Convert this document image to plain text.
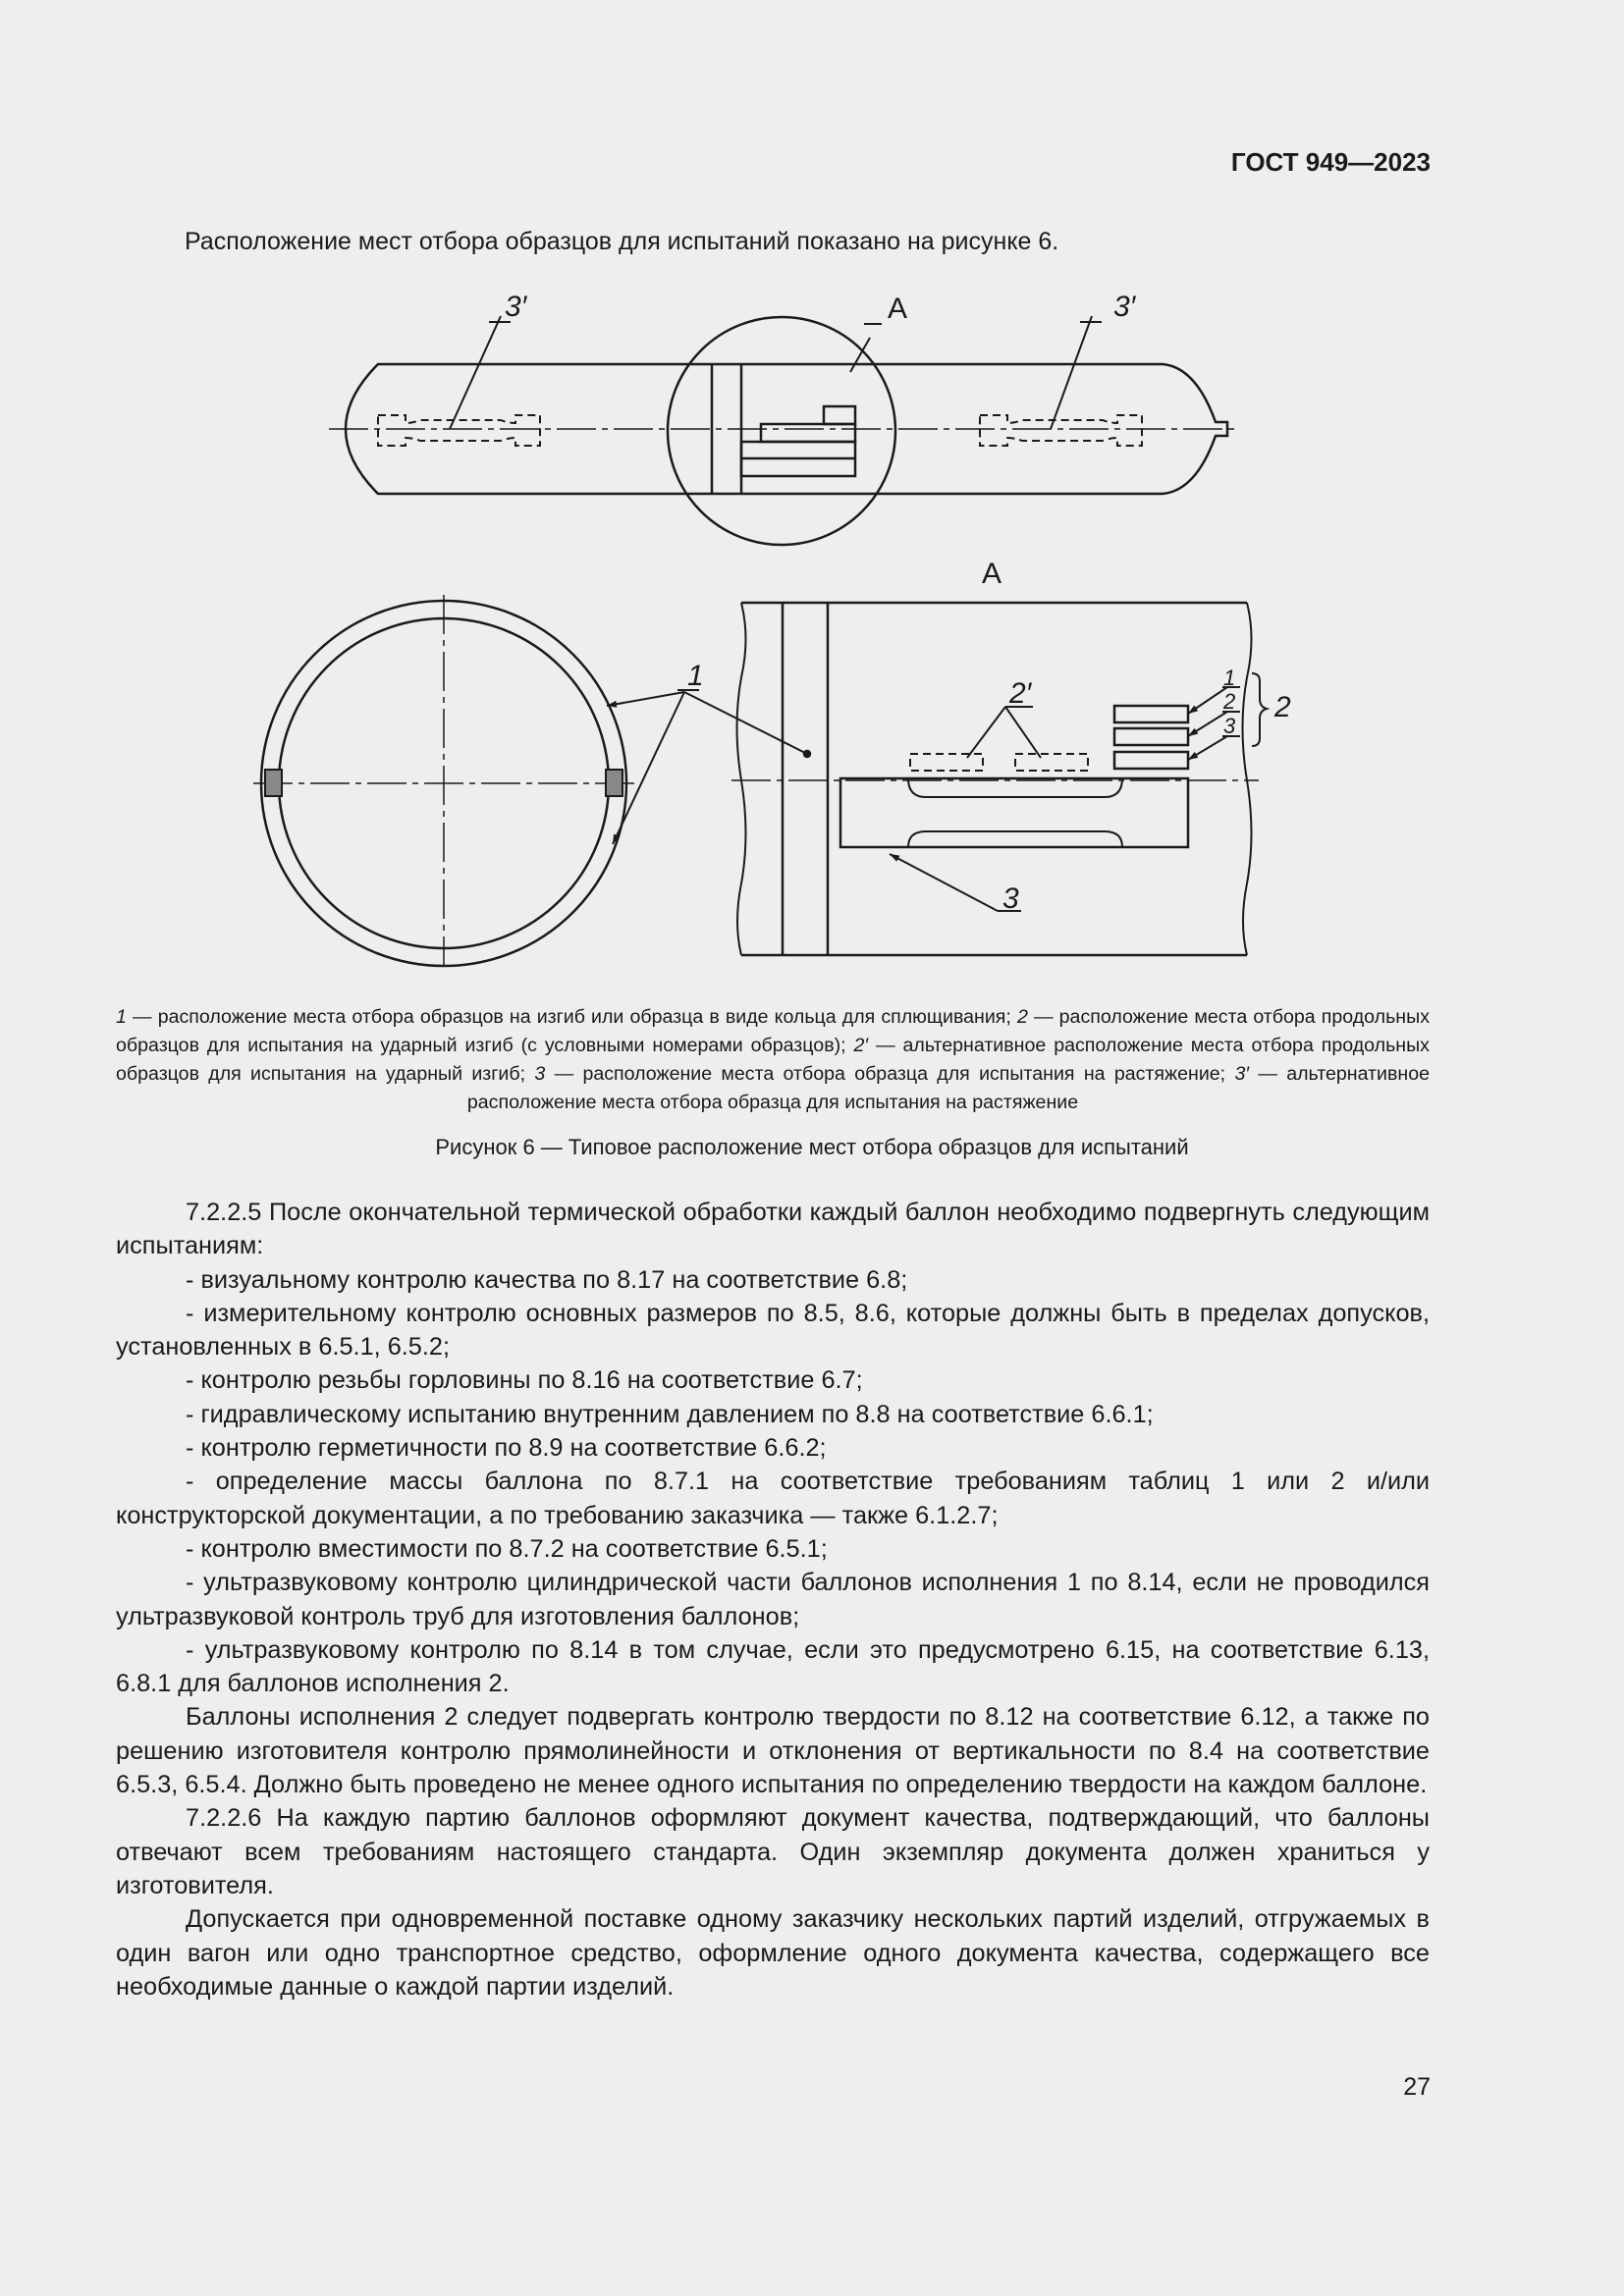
ГОСТ 949—2023
Расположение мест отбора образцов для испытаний показано на рисунке 6.
3′	3′
1
2′
3
2
1
2
3
А
А
1 — расположение места отбора образцов на изгиб или образца в виде кольца для сплющивания; 2 — расположение места отбора продольных образцов для испытания на ударный изгиб (с условными номерами образцов); 2′ — альтернативное расположение места отбора продольных образцов для испытания на ударный изгиб; 3 — расположение места отбора образца для испытания на растяжение; 3′ — альтернативное расположение места отбора образца для испытания на растяжение
Рисунок 6 — Типовое расположение мест отбора образцов для испытаний

7.2.2.5 После окончательной термической обработки каждый баллон необходимо подвергнуть следующим испытаниям:

- визуальному контролю качества по 8.17 на соответствие 6.8;

- измерительному контролю основных размеров по 8.5, 8.6, которые должны быть в пределах допусков, установленных в 6.5.1, 6.5.2;

- контролю резьбы горловины по 8.16 на соответствие 6.7;

- гидравлическому испытанию внутренним давлением по 8.8 на соответствие 6.6.1;

- контролю герметичности по 8.9 на соответствие 6.6.2;

- определение массы баллона по 8.7.1 на соответствие требованиям таблиц 1 или 2 и/или конструкторской документации, а по требованию заказчика — также 6.1.2.7;

- контролю вместимости по 8.7.2 на соответствие 6.5.1;

- ультразвуковому контролю цилиндрической части баллонов исполнения 1 по 8.14, если не проводился ультразвуковой контроль труб для изготовления баллонов;

- ультразвуковому контролю по 8.14 в том случае, если это предусмотрено 6.15, на соответствие 6.13, 6.8.1 для баллонов исполнения 2.

Баллоны исполнения 2 следует подвергать контролю твердости по 8.12 на соответствие 6.12, а также по решению изготовителя контролю прямолинейности и отклонения от вертикальности по 8.4 на соответствие 6.5.3, 6.5.4. Должно быть проведено не менее одного испытания по определению твердости на каждом баллоне.

7.2.2.6 На каждую партию баллонов оформляют документ качества, подтверждающий, что баллоны отвечают всем требованиям настоящего стандарта. Один экземпляр документа должен храниться у изготовителя.

Допускается при одновременной поставке одному заказчику нескольких партий изделий, отгружаемых в один вагон или одно транспортное средство, оформление одного документа качества, содержащего все необходимые данные о каждой партии изделий.

27
